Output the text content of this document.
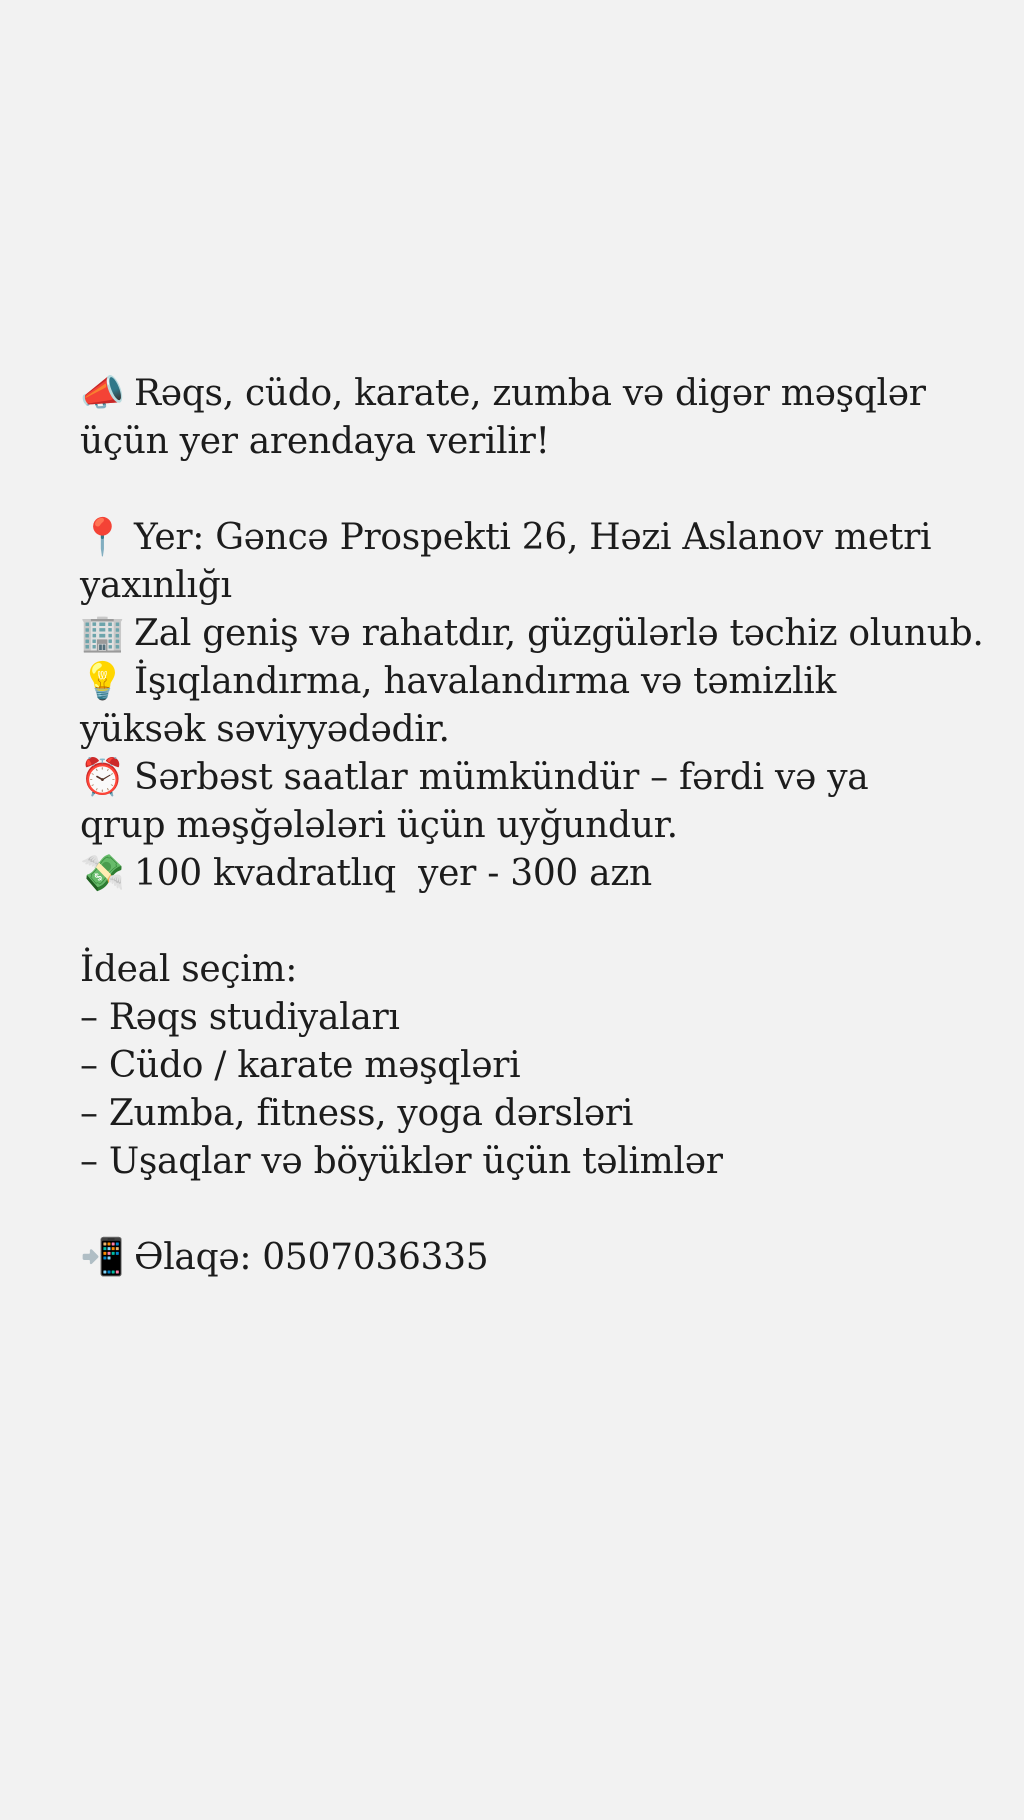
📣 Rəqs, cüdo, karate, zumba və digər məşqlər üçün yer arendaya verilir!
📍 Yer: Gəncə Prospekti 26, Həzi Aslanov metri yaxınlığı
🏢 Zal geniş və rahatdır, güzgülərlə təchiz olunub.
💡 İşıqlandırma, havalandırma və təmizlik yüksək səviyyədədir.
⏰ Sərbəst saatlar mümkündür – fərdi və ya qrup məşğələləri üçün uyğundur.
💸 100 kvadratlıq  yer - 300 azn
İdeal seçim:
– Rəqs studiyaları
– Cüdo / karate məşqləri
– Zumba, fitness, yoga dərsləri
– Uşaqlar və böyüklər üçün təlimlər
📲 Əlaqə: 0507036335
